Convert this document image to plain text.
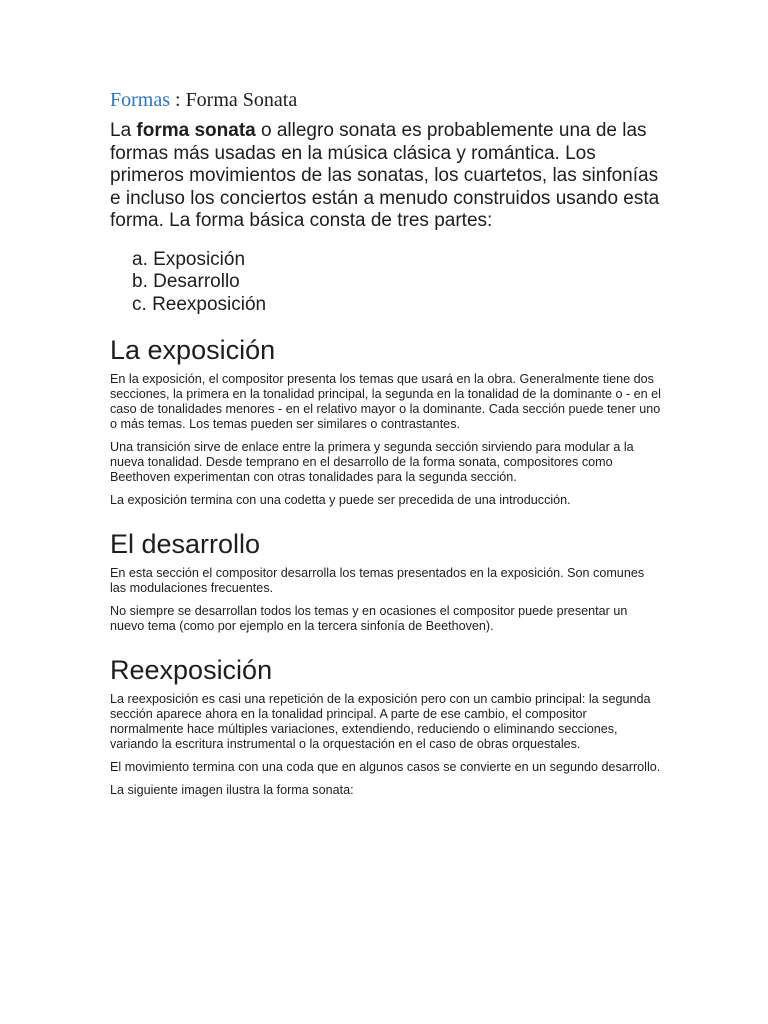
Formas : Forma Sonata

La forma sonata o allegro sonata es probablemente una de las formas más usadas en la música clásica y romántica. Los primeros movimientos de las sonatas, los cuartetos, las sinfonías e incluso los conciertos están a menudo construidos usando esta forma. La forma básica consta de tres partes:

a. Exposición
b. Desarrollo
c. Reexposición
La exposición

En la exposición, el compositor presenta los temas que usará en la obra. Generalmente tiene dos secciones, la primera en la tonalidad principal, la segunda en la tonalidad de la dominante o - en el caso de tonalidades menores - en el relativo mayor o la dominante. Cada sección puede tener uno o más temas. Los temas pueden ser similares o contrastantes.

Una transición sirve de enlace entre la primera y segunda sección sirviendo para modular a la nueva tonalidad. Desde temprano en el desarrollo de la forma sonata, compositores como Beethoven experimentan con otras tonalidades para la segunda sección.

La exposición termina con una codetta y puede ser precedida de una introducción.

El desarrollo

En esta sección el compositor desarrolla los temas presentados en la exposición. Son comunes las modulaciones frecuentes.

No siempre se desarrollan todos los temas y en ocasiones el compositor puede presentar un nuevo tema (como por ejemplo en la tercera sinfonía de Beethoven).

Reexposición

La reexposición es casi una repetición de la exposición pero con un cambio principal: la segunda sección aparece ahora en la tonalidad principal. A parte de ese cambio, el compositor normalmente hace múltiples variaciones, extendiendo, reduciendo o eliminando secciones, variando la escritura instrumental o la orquestación en el caso de obras orquestales.

El movimiento termina con una coda que en algunos casos se convierte en un segundo desarrollo.

La siguiente imagen ilustra la forma sonata:
